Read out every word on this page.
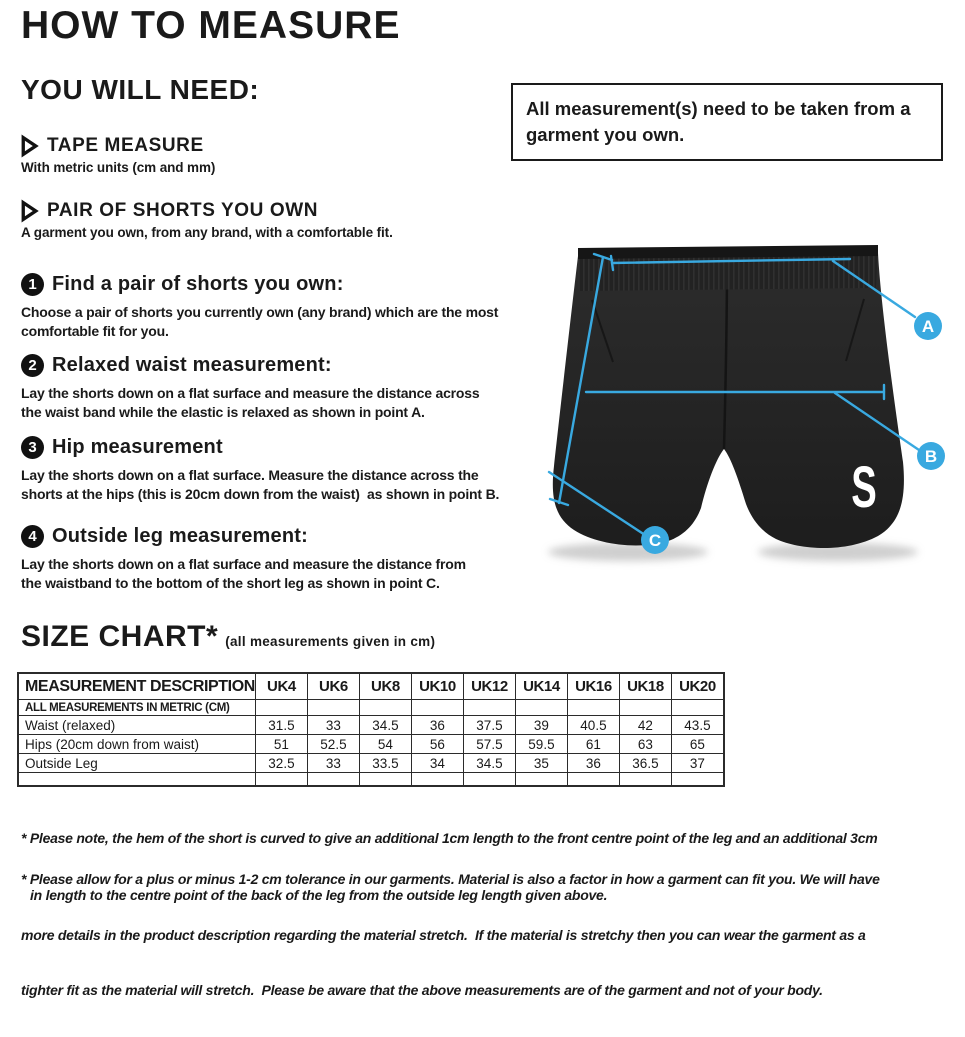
HOW TO MEASURE
YOU WILL NEED:
TAPE MEASURE
With metric units (cm and mm)
PAIR OF SHORTS YOU OWN
A garment you own, from any brand, with a comfortable fit.
All measurement(s) need to be taken from a garment you own.
1 Find a pair of shorts you own:
Choose a pair of shorts you currently own (any brand) which are the most
comfortable fit for you.
2 Relaxed waist measurement:
Lay the shorts down on a flat surface and measure the distance across
the waist band while the elastic is relaxed as shown in point A.
3 Hip measurement
Lay the shorts down on a flat surface. Measure the distance across the
shorts at the hips (this is 20cm down from the waist)  as shown in point B.
4 Outside leg measurement:
Lay the shorts down on a flat surface and measure the distance from
the waistband to the bottom of the short leg as shown in point C.
S
A
B
C
SIZE CHART* (all measurements given in cm)
MEASUREMENT DESCRIPTION	UK4	UK6	UK8	UK10	UK12	UK14	UK16	UK18	UK20
ALL MEASUREMENTS IN METRIC (CM)									
Waist (relaxed)	31.5	33	34.5	36	37.5	39	40.5	42	43.5
Hips (20cm down from waist)	51	52.5	54	56	57.5	59.5	61	63	65
Outside Leg	32.5	33	33.5	34	34.5	35	36	36.5	37

* Please note, the hem of the short is curved to give an additional 1cm length to the front centre point of the leg and an additional 3cm

in length to the centre point of the back of the leg from the outside leg length given above.

* Please allow for a plus or minus 1-2 cm tolerance in our garments. Material is also a factor in how a garment can fit you. We will have

more details in the product description regarding the material stretch.  If the material is stretchy then you can wear the garment as a

tighter fit as the material will stretch.  Please be aware that the above measurements are of the garment and not of your body.
